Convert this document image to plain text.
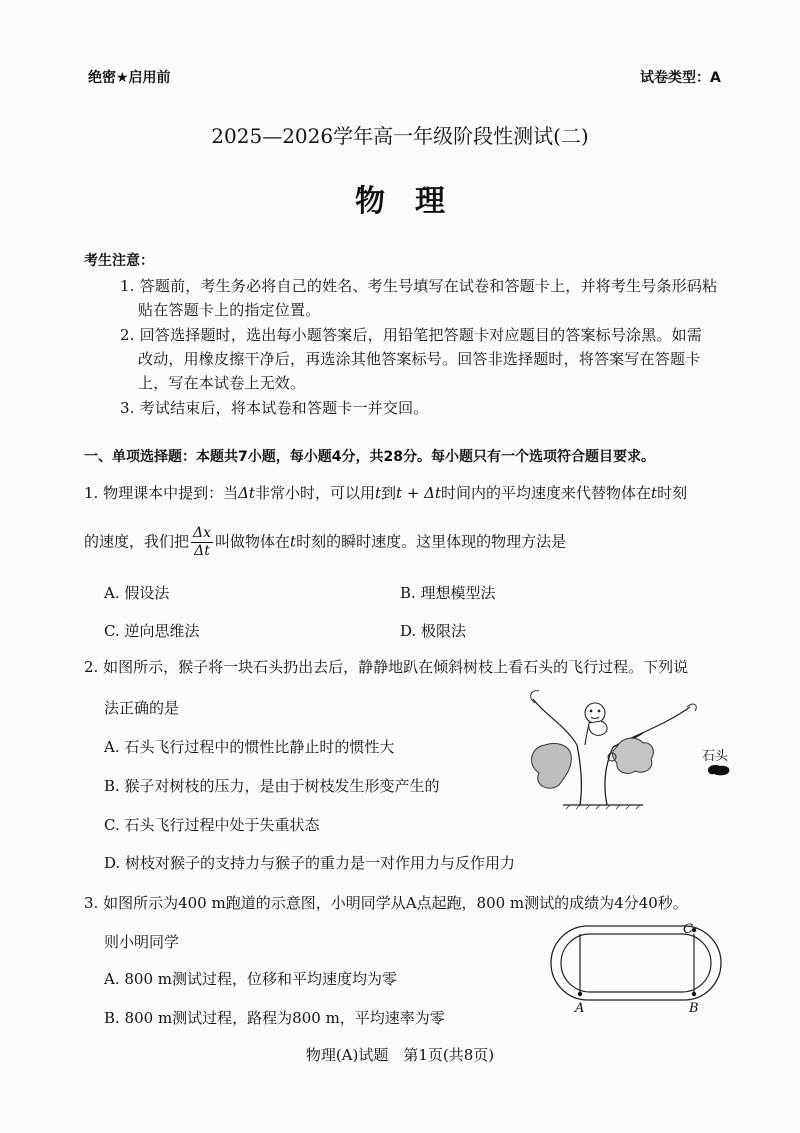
绝密★启用前	试卷类型：A
2025—2026学年高一年级阶段性测试(二)
物　理
考生注意：
1. 答题前，考生务必将自己的姓名、考生号填写在试卷和答题卡上，并将考生号条形码粘
贴在答题卡上的指定位置。
2. 回答选择题时，选出每小题答案后，用铅笔把答题卡对应题目的答案标号涂黑。如需
改动，用橡皮擦干净后，再选涂其他答案标号。回答非选择题时，将答案写在答题卡
上，写在本试卷上无效。
3. 考试结束后，将本试卷和答题卡一并交回。
一、单项选择题：本题共7小题，每小题4分，共28分。每小题只有一个选项符合题目要求。
1. 物理课本中提到：当Δt非常小时，可以用t到t + Δt时间内的平均速度来代替物体在t时刻
的速度，我们把 $\frac{\Delta x}{\Delta t}$ 叫做物体在t时刻的瞬时速度。这里体现的物理方法是
A. 假设法	B. 理想模型法
C. 逆向思维法	D. 极限法
2. 如图所示，猴子将一块石头扔出去后，静静地趴在倾斜树枝上看石头的飞行过程。下列说
法正确的是
A. 石头飞行过程中的惯性比静止时的惯性大
B. 猴子对树枝的压力，是由于树枝发生形变产生的
C. 石头飞行过程中处于失重状态
D. 树枝对猴子的支持力与猴子的重力是一对作用力与反作用力
石头
3. 如图所示为400 m跑道的示意图，小明同学从A点起跑，800 m测试的成绩为4分40秒。
则小明同学
A. 800 m测试过程，位移和平均速度均为零
B. 800 m测试过程，路程为800 m，平均速率为零
A	B
C
物理(A)试题　第1页(共8页)
